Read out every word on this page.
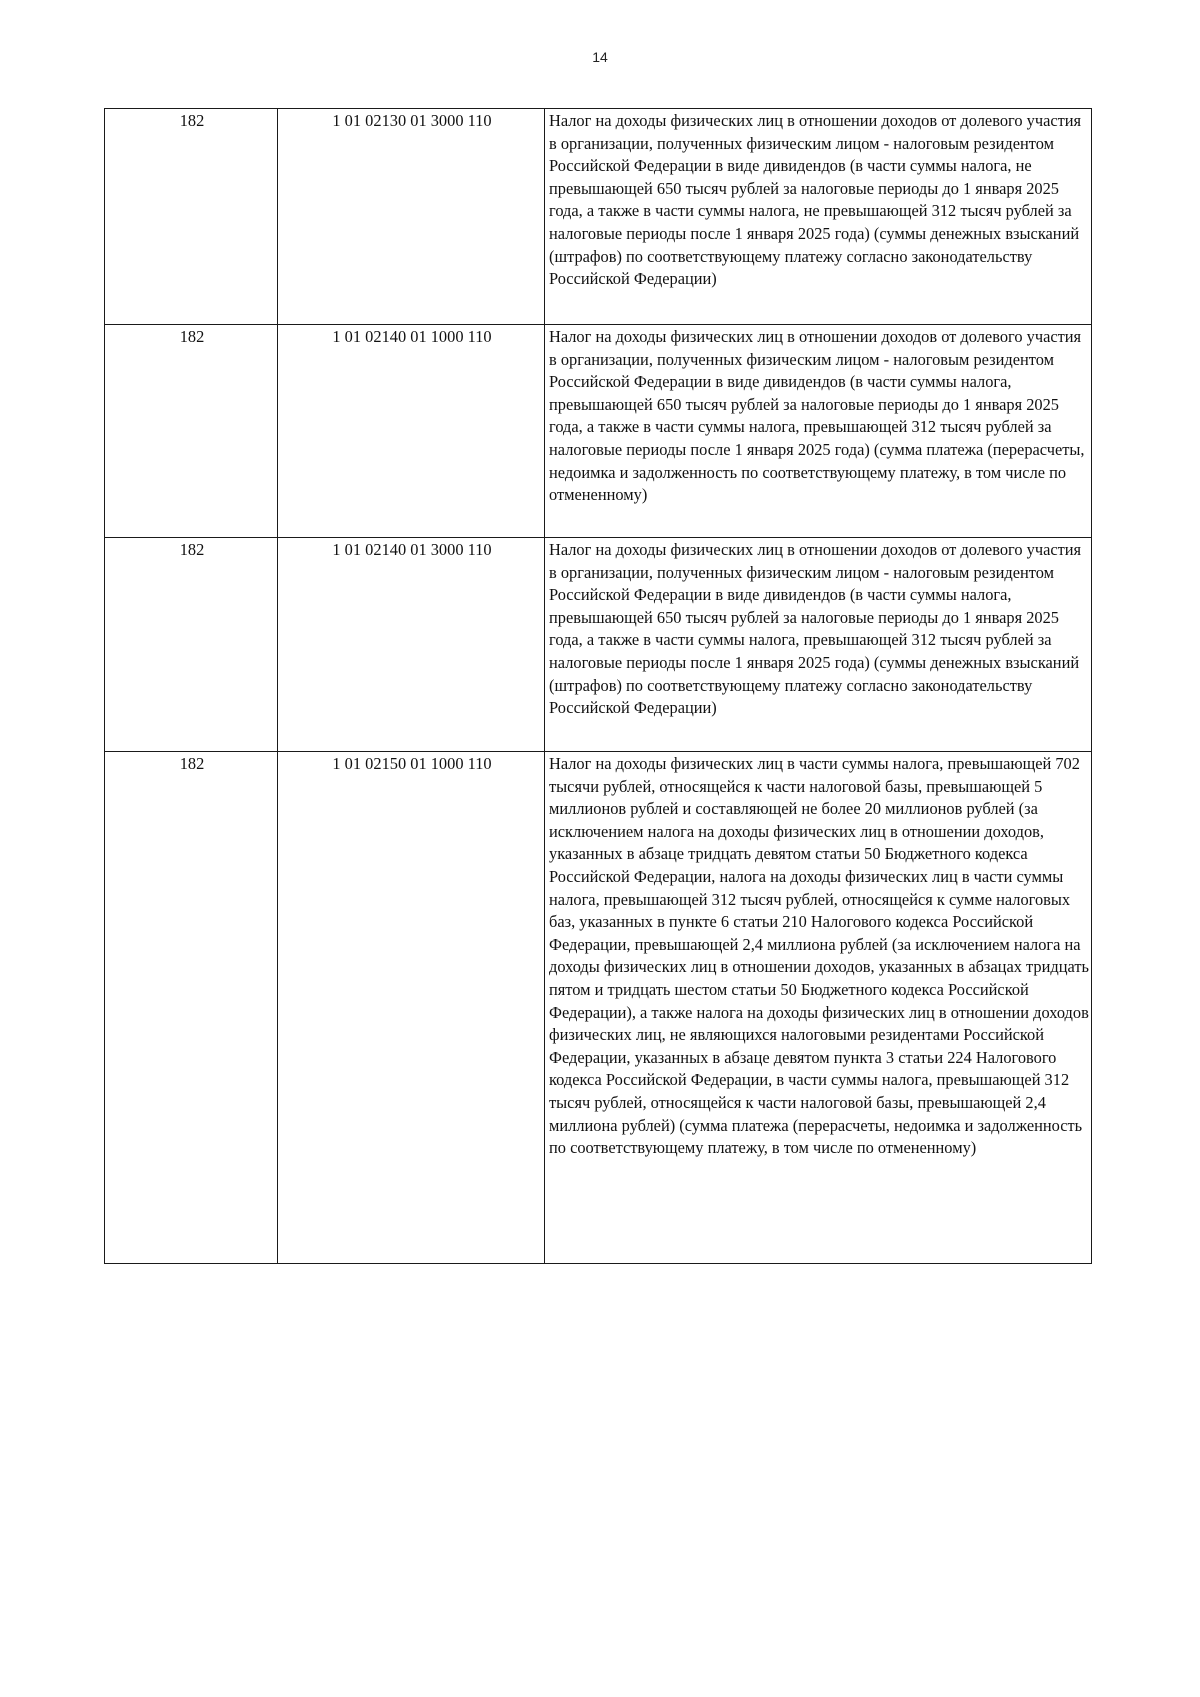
14
182	1 01 02130 01 3000 110	Налог на доходы физических лиц в отношении доходов от долевого участия в организации, полученных физическим лицом - налоговым резидентом Российской Федерации в виде дивидендов (в части суммы налога, не превышающей 650 тысяч рублей за налоговые периоды до 1 января 2025 года, а также в части суммы налога, не превышающей 312 тысяч рублей за налоговые периоды после 1 января 2025 года) (суммы денежных взысканий (штрафов) по соответствующему платежу согласно законодательству Российской Федерации)

182	1 01 02140 01 1000 110	Налог на доходы физических лиц в отношении доходов от долевого участия в организации, полученных физическим лицом - налоговым резидентом Российской Федерации в виде дивидендов (в части суммы налога, превышающей 650 тысяч рублей за налоговые периоды до 1 января 2025 года, а также в части суммы налога, превышающей 312 тысяч рублей за налоговые периоды после 1 января 2025 года) (сумма платежа (перерасчеты, недоимка и задолженность по соответствующему платежу, в том числе по отмененному)

182	1 01 02140 01 3000 110	Налог на доходы физических лиц в отношении доходов от долевого участия в организации, полученных физическим лицом - налоговым резидентом Российской Федерации в виде дивидендов (в части суммы налога, превышающей 650 тысяч рублей за налоговые периоды до 1 января 2025 года, а также в части суммы налога, превышающей 312 тысяч рублей за налоговые периоды после 1 января 2025 года) (суммы денежных взысканий (штрафов) по соответствующему платежу согласно законодательству Российской Федерации)

182	1 01 02150 01 1000 110	Налог на доходы физических лиц в части суммы налога, превышающей 702 тысячи рублей, относящейся к части налоговой базы, превышающей 5 миллионов рублей и составляющей не более 20 миллионов рублей (за исключением налога на доходы физических лиц в отношении доходов, указанных в абзаце тридцать девятом статьи 50 Бюджетного кодекса Российской Федерации, налога на доходы физических лиц в части суммы налога, превышающей 312 тысяч рублей, относящейся к сумме налоговых баз, указанных в пункте 6 статьи 210 Налогового кодекса Российской Федерации, превышающей 2,4 миллиона рублей (за исключением налога на доходы физических лиц в отношении доходов, указанных в абзацах тридцать пятом и тридцать шестом статьи 50 Бюджетного кодекса Российской Федерации), а также налога на доходы физических лиц в отношении доходов физических лиц, не являющихся налоговыми резидентами Российской Федерации, указанных в абзаце девятом пункта 3 статьи 224 Налогового кодекса Российской Федерации, в части суммы налога, превышающей 312 тысяч рублей, относящейся к части налоговой базы, превышающей 2,4 миллиона рублей) (сумма платежа (перерасчеты, недоимка и задолженность по соответствующему платежу, в том числе по отмененному)
